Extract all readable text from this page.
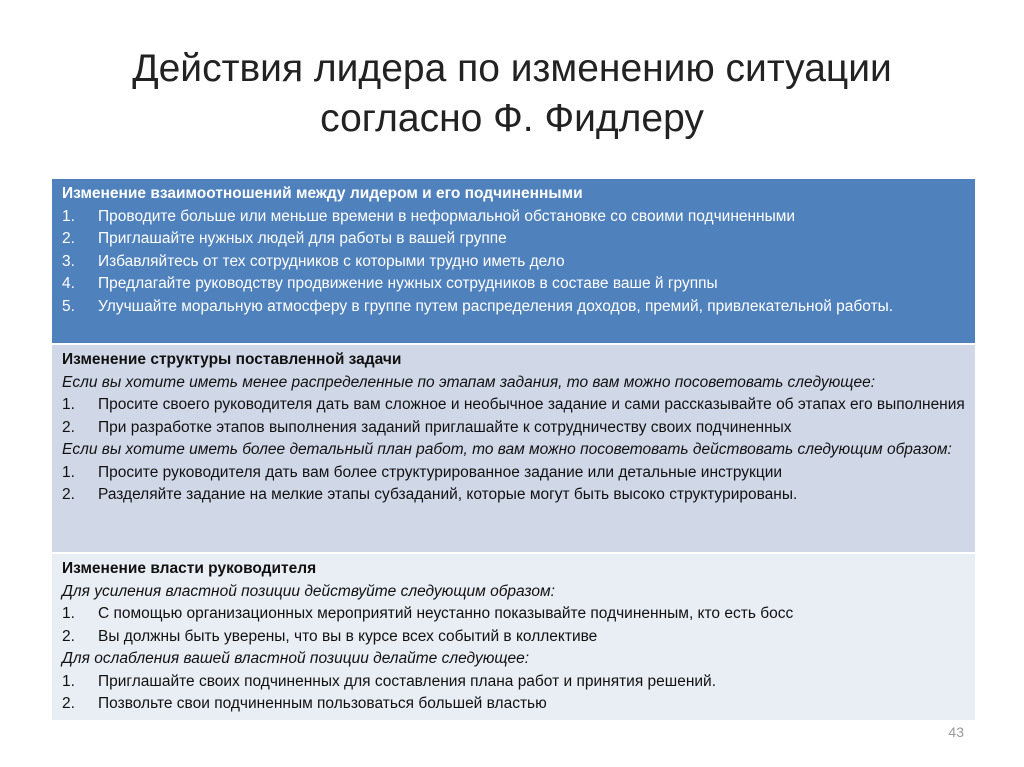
Действия лидера по изменению ситуации
согласно Ф. Фидлеру
Изменение взаимоотношений между лидером и его подчиненными
1.	Проводите больше или меньше времени в неформальной обстановке со своими подчиненными
2.	Приглашайте нужных людей для работы в вашей группе
3.	Избавляйтесь от тех сотрудников с которыми трудно иметь дело
4.	Предлагайте руководству продвижение нужных сотрудников в составе ваше й группы
5.	Улучшайте моральную атмосферу в группе путем распределения доходов, премий, привлекательной работы.
Изменение структуры поставленной задачи
Если вы хотите иметь менее распределенные по этапам задания, то вам можно посоветовать следующее:
1.	Просите своего руководителя дать вам сложное и необычное задание и сами рассказывайте об этапах его выполнения
2.	При разработке этапов выполнения заданий приглашайте к сотрудничеству своих подчиненных
Если вы хотите иметь более детальный план работ, то вам можно посоветовать действовать следующим образом:
1.	Просите руководителя дать вам более структурированное задание или детальные инструкции
2.	Разделяйте задание на мелкие этапы субзаданий, которые могут быть высоко структурированы.
Изменение власти руководителя
Для усиления властной позиции действуйте следующим образом:
1.	С помощью организационных мероприятий неустанно показывайте подчиненным, кто есть босс
2.	Вы должны быть уверены, что вы в курсе всех событий в коллективе
Для ослабления вашей властной позиции делайте следующее:
1.	Приглашайте своих подчиненных для составления плана работ и принятия решений.
2.	Позвольте свои подчиненным пользоваться большей властью
43
